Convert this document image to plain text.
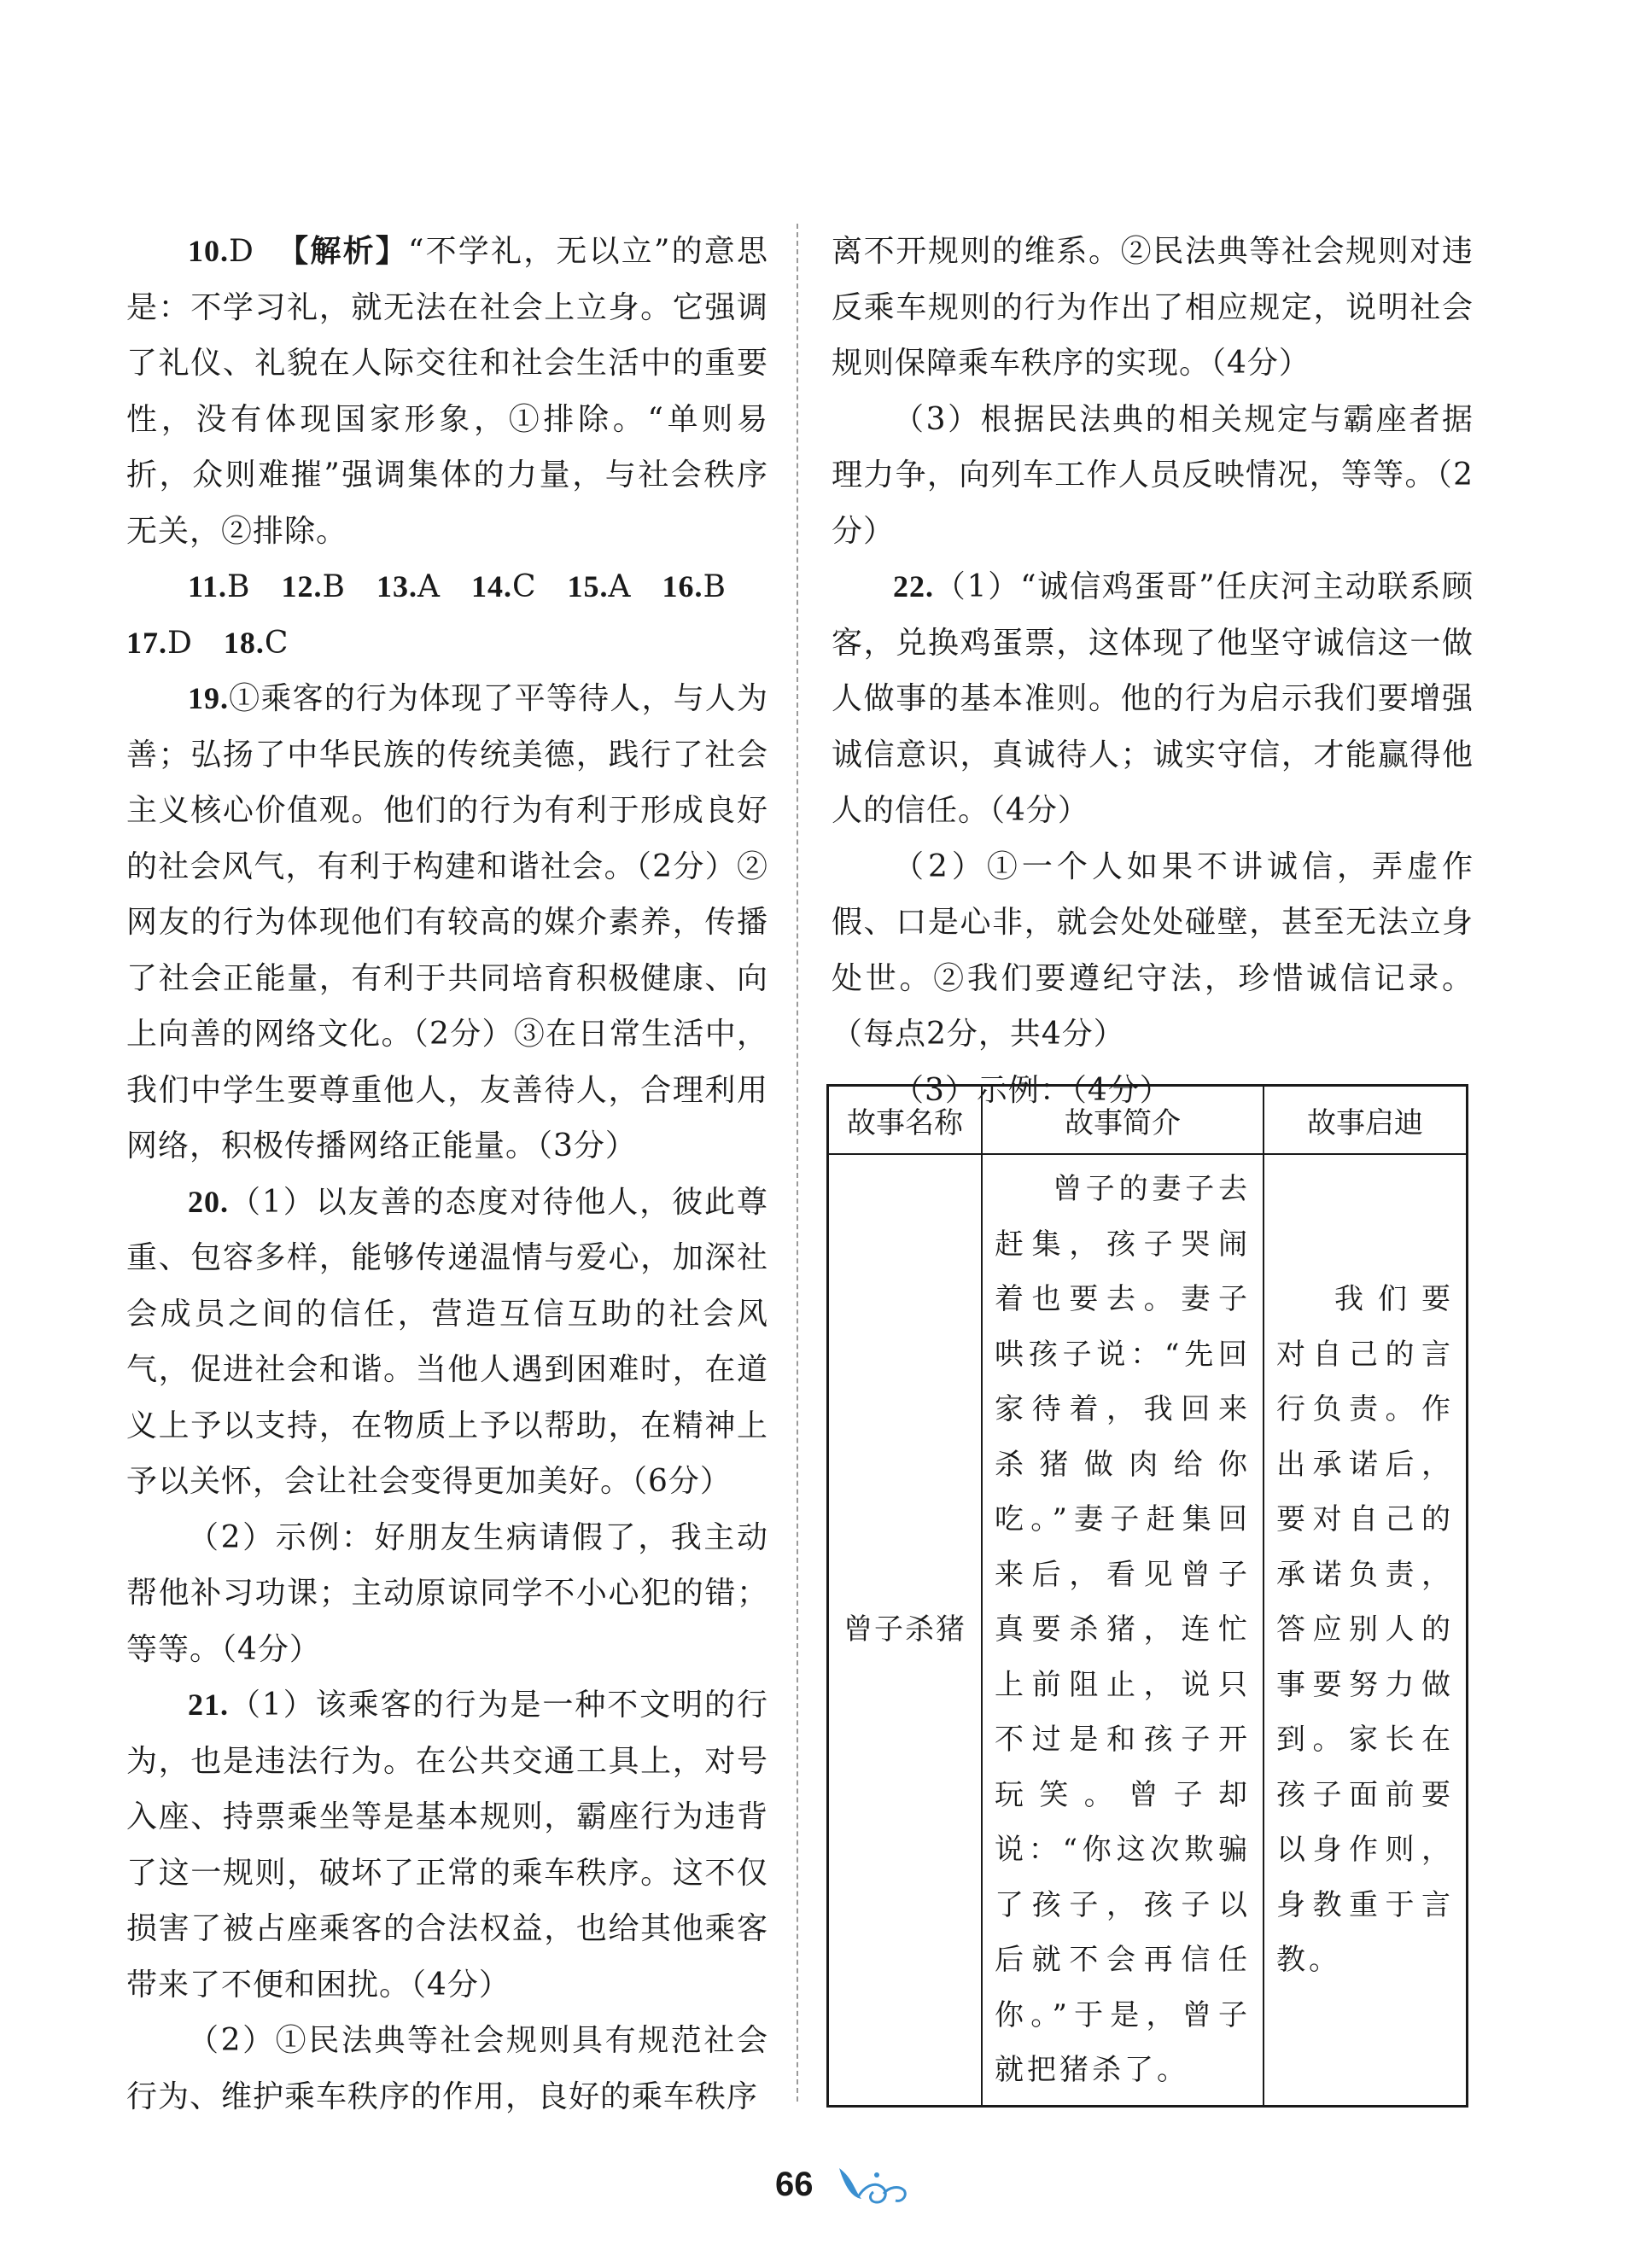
10.D 【解析】“不学礼，无以立”的意思是：不学习礼，就无法在社会上立身。它强调了礼仪、礼貌在人际交往和社会生活中的重要性，没有体现国家形象，①排除。“单则易折，众则难摧”强调集体的力量，与社会秩序无关，②排除。

11.B 12.B 13.A 14.C 15.A 16.B

17.D 18.C

19.①乘客的行为体现了平等待人，与人为善；弘扬了中华民族的传统美德，践行了社会主义核心价值观。他们的行为有利于形成良好的社会风气，有利于构建和谐社会。（2分）②网友的行为体现他们有较高的媒介素养，传播了社会正能量，有利于共同培育积极健康、向上向善的网络文化。（2分）③在日常生活中，我们中学生要尊重他人，友善待人，合理利用网络，积极传播网络正能量。（3分）

20.（1）以友善的态度对待他人，彼此尊重、包容多样，能够传递温情与爱心，加深社会成员之间的信任，营造互信互助的社会风气，促进社会和谐。当他人遇到困难时，在道义上予以支持，在物质上予以帮助，在精神上予以关怀，会让社会变得更加美好。（6分）

（2）示例：好朋友生病请假了，我主动帮他补习功课；主动原谅同学不小心犯的错；等等。（4分）

21.（1）该乘客的行为是一种不文明的行为，也是违法行为。在公共交通工具上，对号入座、持票乘坐等是基本规则，霸座行为违背了这一规则，破坏了正常的乘车秩序。这不仅损害了被占座乘客的合法权益，也给其他乘客带来了不便和困扰。（4分）

（2）①民法典等社会规则具有规范社会行为、维护乘车秩序的作用，良好的乘车秩序

离不开规则的维系。②民法典等社会规则对违反乘车规则的行为作出了相应规定，说明社会规则保障乘车秩序的实现。（4分）

（3）根据民法典的相关规定与霸座者据理力争，向列车工作人员反映情况，等等。（2分）

22.（1）“诚信鸡蛋哥”任庆河主动联系顾客，兑换鸡蛋票，这体现了他坚守诚信这一做人做事的基本准则。他的行为启示我们要增强诚信意识，真诚待人；诚实守信，才能赢得他人的信任。（4分）

（2）①一个人如果不讲诚信，弄虚作假、口是心非，就会处处碰壁，甚至无法立身处世。②我们要遵纪守法，珍惜诚信记录。（每点2分，共4分）

（3）示例：（4分）

故事名称	故事简介	故事启迪
曾子杀猪	曾子的妻子去赶集，孩子哭闹着也要去。妻子哄孩子说：“先回家待着，我回来杀猪做肉给你吃。”妻子赶集回来后，看见曾子真要杀猪，连忙上前阻止，说只不过是和孩子开玩笑。曾子却说：“你这次欺骗了孩子，孩子以后就不会再信任你。”于是，曾子就把猪杀了。	我们要对自己的言行负责。作出承诺后，要对自己的承诺负责，答应别人的事要努力做到。家长在孩子面前要以身作则，身教重于言教。
66
